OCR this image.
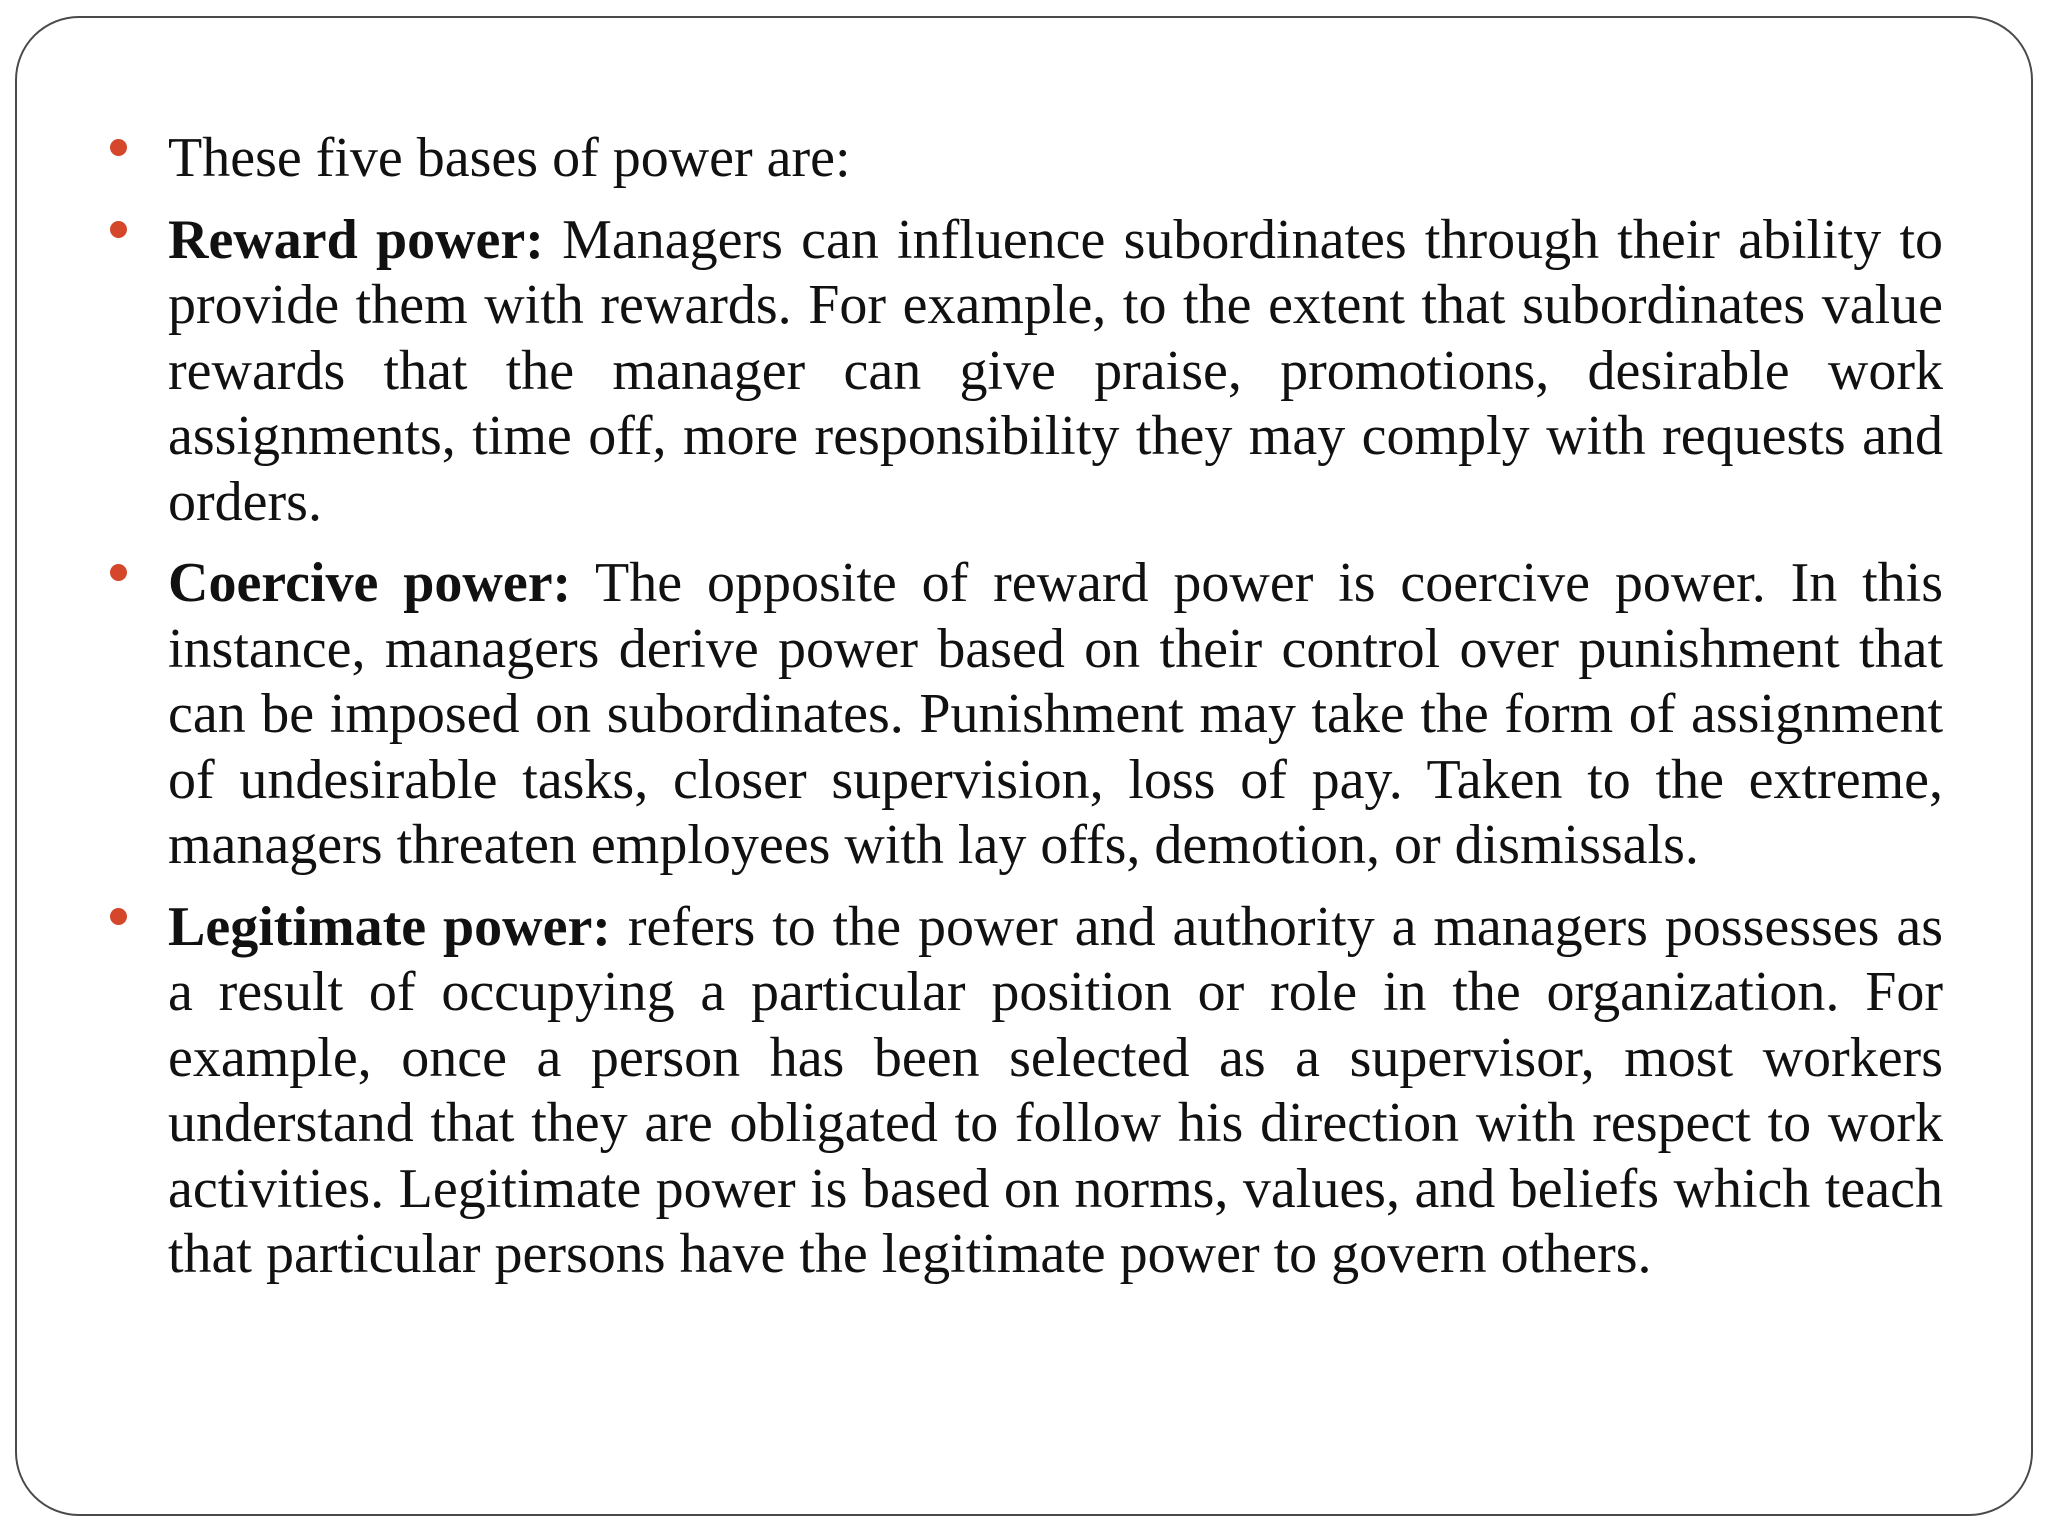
These five bases of power are:
Reward power: Managers can influence subordinates through their ability to provide them with rewards. For example, to the extent that subordinates value rewards that the manager can give praise, promotions, desirable work assignments, time off, more responsibility they may comply with requests and orders.
Coercive power: The opposite of reward power is coercive power. In this instance, managers derive power based on their control over punishment that can be imposed on subordinates. Punishment may take the form of assignment of undesirable tasks, closer supervision, loss of pay. Taken to the extreme, managers threaten employees with lay offs, demotion, or dismissals.
Legitimate power: refers to the power and authority a managers possesses as a result of occupying a particular position or role in the organization. For example, once a person has been selected as a supervisor, most workers understand that they are obligated to follow his direction with respect to work activities. Legitimate power is based on norms, values, and beliefs which teach that particular persons have the legitimate power to govern others.
